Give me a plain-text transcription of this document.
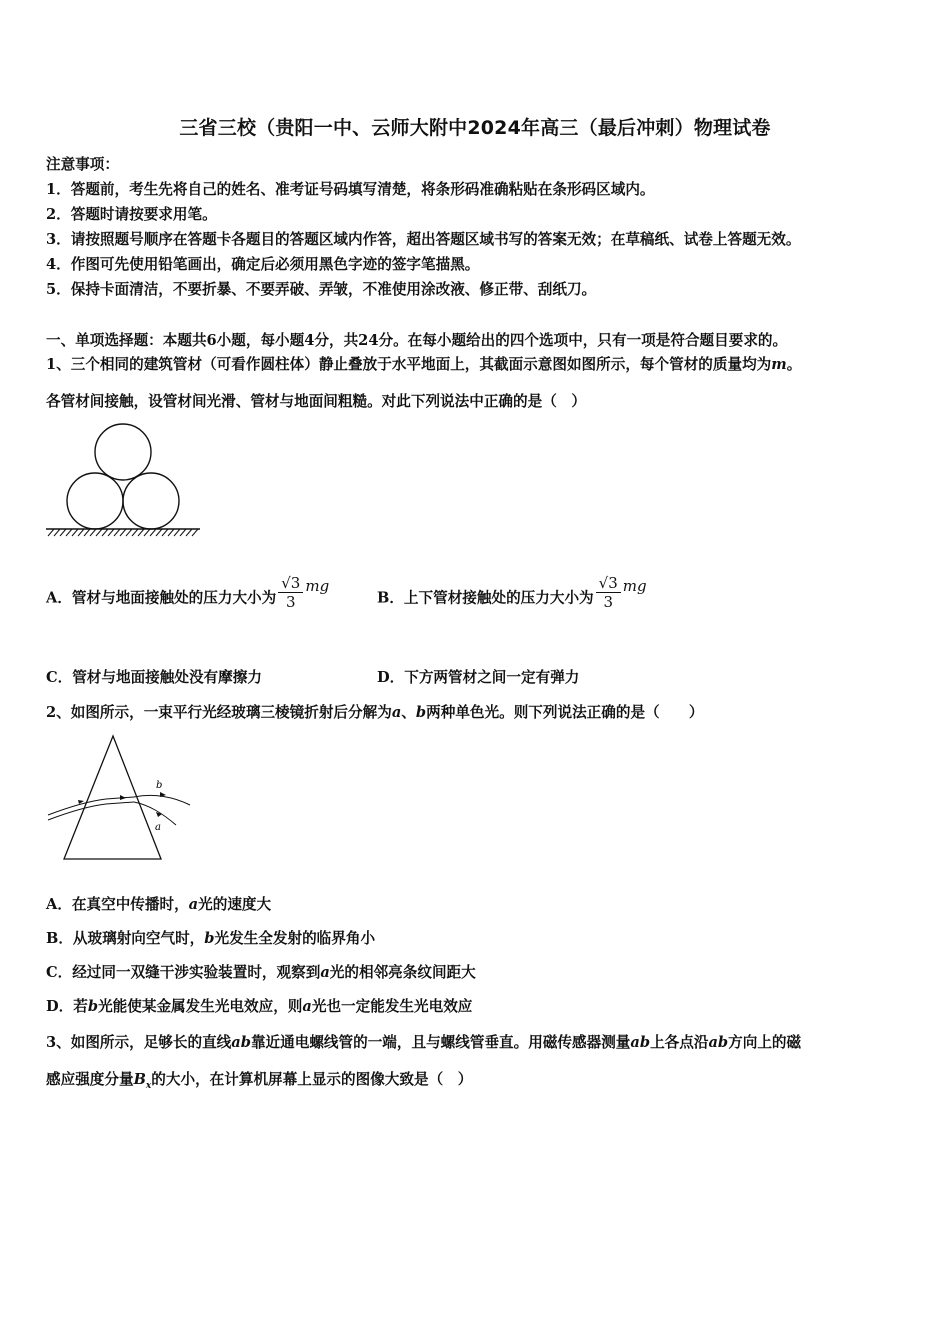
三省三校（贵阳一中、云师大附中2024年高三（最后冲刺）物理试卷
注意事项：
1．答题前，考生先将自己的姓名、准考证号码填写清楚，将条形码准确粘贴在条形码区域内。
2．答题时请按要求用笔。
3．请按照题号顺序在答题卡各题目的答题区域内作答，超出答题区域书写的答案无效；在草稿纸、试卷上答题无效。
4．作图可先使用铅笔画出，确定后必须用黑色字迹的签字笔描黑。
5．保持卡面清洁，不要折暴、不要弄破、弄皱，不准使用涂改液、修正带、刮纸刀。
一、单项选择题：本题共6小题，每小题4分，共24分。在每小题给出的四个选项中，只有一项是符合题目要求的。
1、三个相同的建筑管材（可看作圆柱体）静止叠放于水平地面上，其截面示意图如图所示，每个管材的质量均为m。
各管材间接触，设管材间光滑、管材与地面间粗糙。对此下列说法中正确的是（　）
A．管材与地面接触处的压力大小为 $\frac{√3}{3}$ mg
B．上下管材接触处的压力大小为 $\frac{√3}{3}$ mg
C．管材与地面接触处没有摩擦力	D．下方两管材之间一定有弹力
2、如图所示，一束平行光经玻璃三棱镜折射后分解为a、b两种单色光。则下列说法正确的是（　　）
b
a
A．在真空中传播时，a光的速度大
B．从玻璃射向空气时，b光发生全发射的临界角小
C．经过同一双缝干涉实验装置时，观察到a光的相邻亮条纹间距大
D．若b光能使某金属发生光电效应，则a光也一定能发生光电效应
3、如图所示，足够长的直线ab靠近通电螺线管的一端，且与螺线管垂直。用磁传感器测量ab上各点沿ab方向上的磁
感应强度分量$B_x$的大小，在计算机屏幕上显示的图像大致是（　）
